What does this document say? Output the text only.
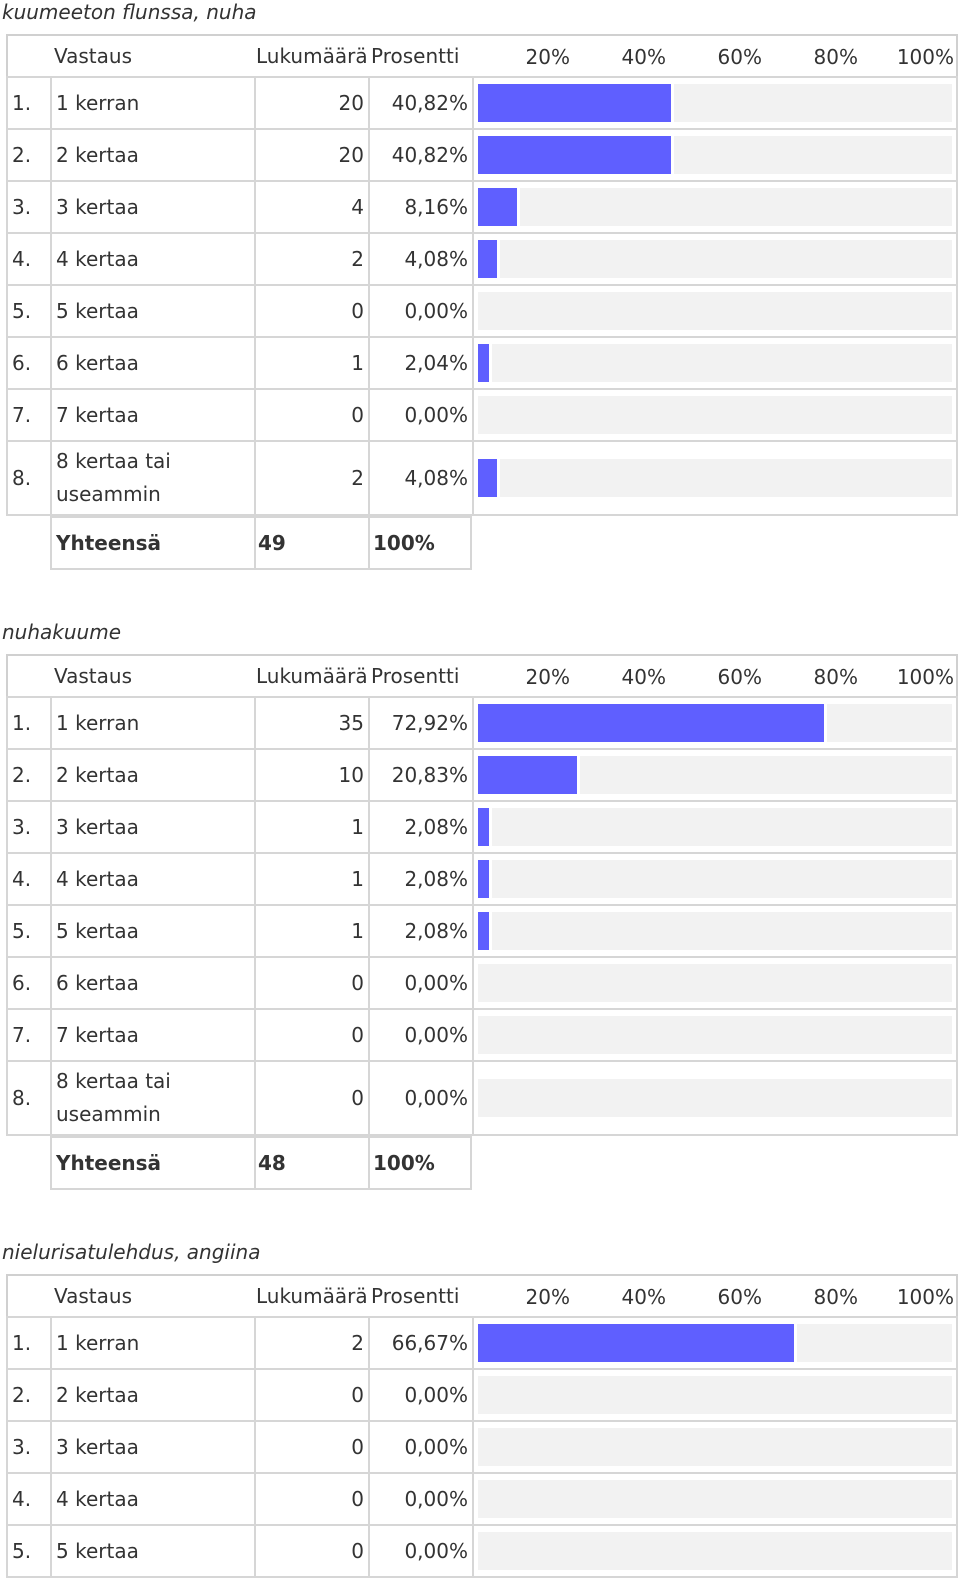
kuumeeton flunssa, nuha
	Vastaus	Lukumäärä	Prosentti	20% 40% 60% 80% 100%

1.	1 kerran	20	40,82%	

2.	2 kertaa	20	40,82%	

3.	3 kertaa	4	8,16%	

4.	4 kertaa	2	4,08%	

5.	5 kertaa	0	0,00%	

6.	6 kertaa	1	2,04%	

7.	7 kertaa	0	0,00%	

8.	8 kertaa tai useammin	2	4,08%	

	Yhteensä	49	100%	
nuhakuume
	Vastaus	Lukumäärä	Prosentti	20% 40% 60% 80% 100%

1.	1 kerran	35	72,92%	

2.	2 kertaa	10	20,83%	

3.	3 kertaa	1	2,08%	

4.	4 kertaa	1	2,08%	

5.	5 kertaa	1	2,08%	

6.	6 kertaa	0	0,00%	

7.	7 kertaa	0	0,00%	

8.	8 kertaa tai useammin	0	0,00%	

	Yhteensä	48	100%	
nielurisatulehdus, angiina
	Vastaus	Lukumäärä	Prosentti	20% 40% 60% 80% 100%

1.	1 kerran	2	66,67%	

2.	2 kertaa	0	0,00%	

3.	3 kertaa	0	0,00%	

4.	4 kertaa	0	0,00%	

5.	5 kertaa	0	0,00%	
